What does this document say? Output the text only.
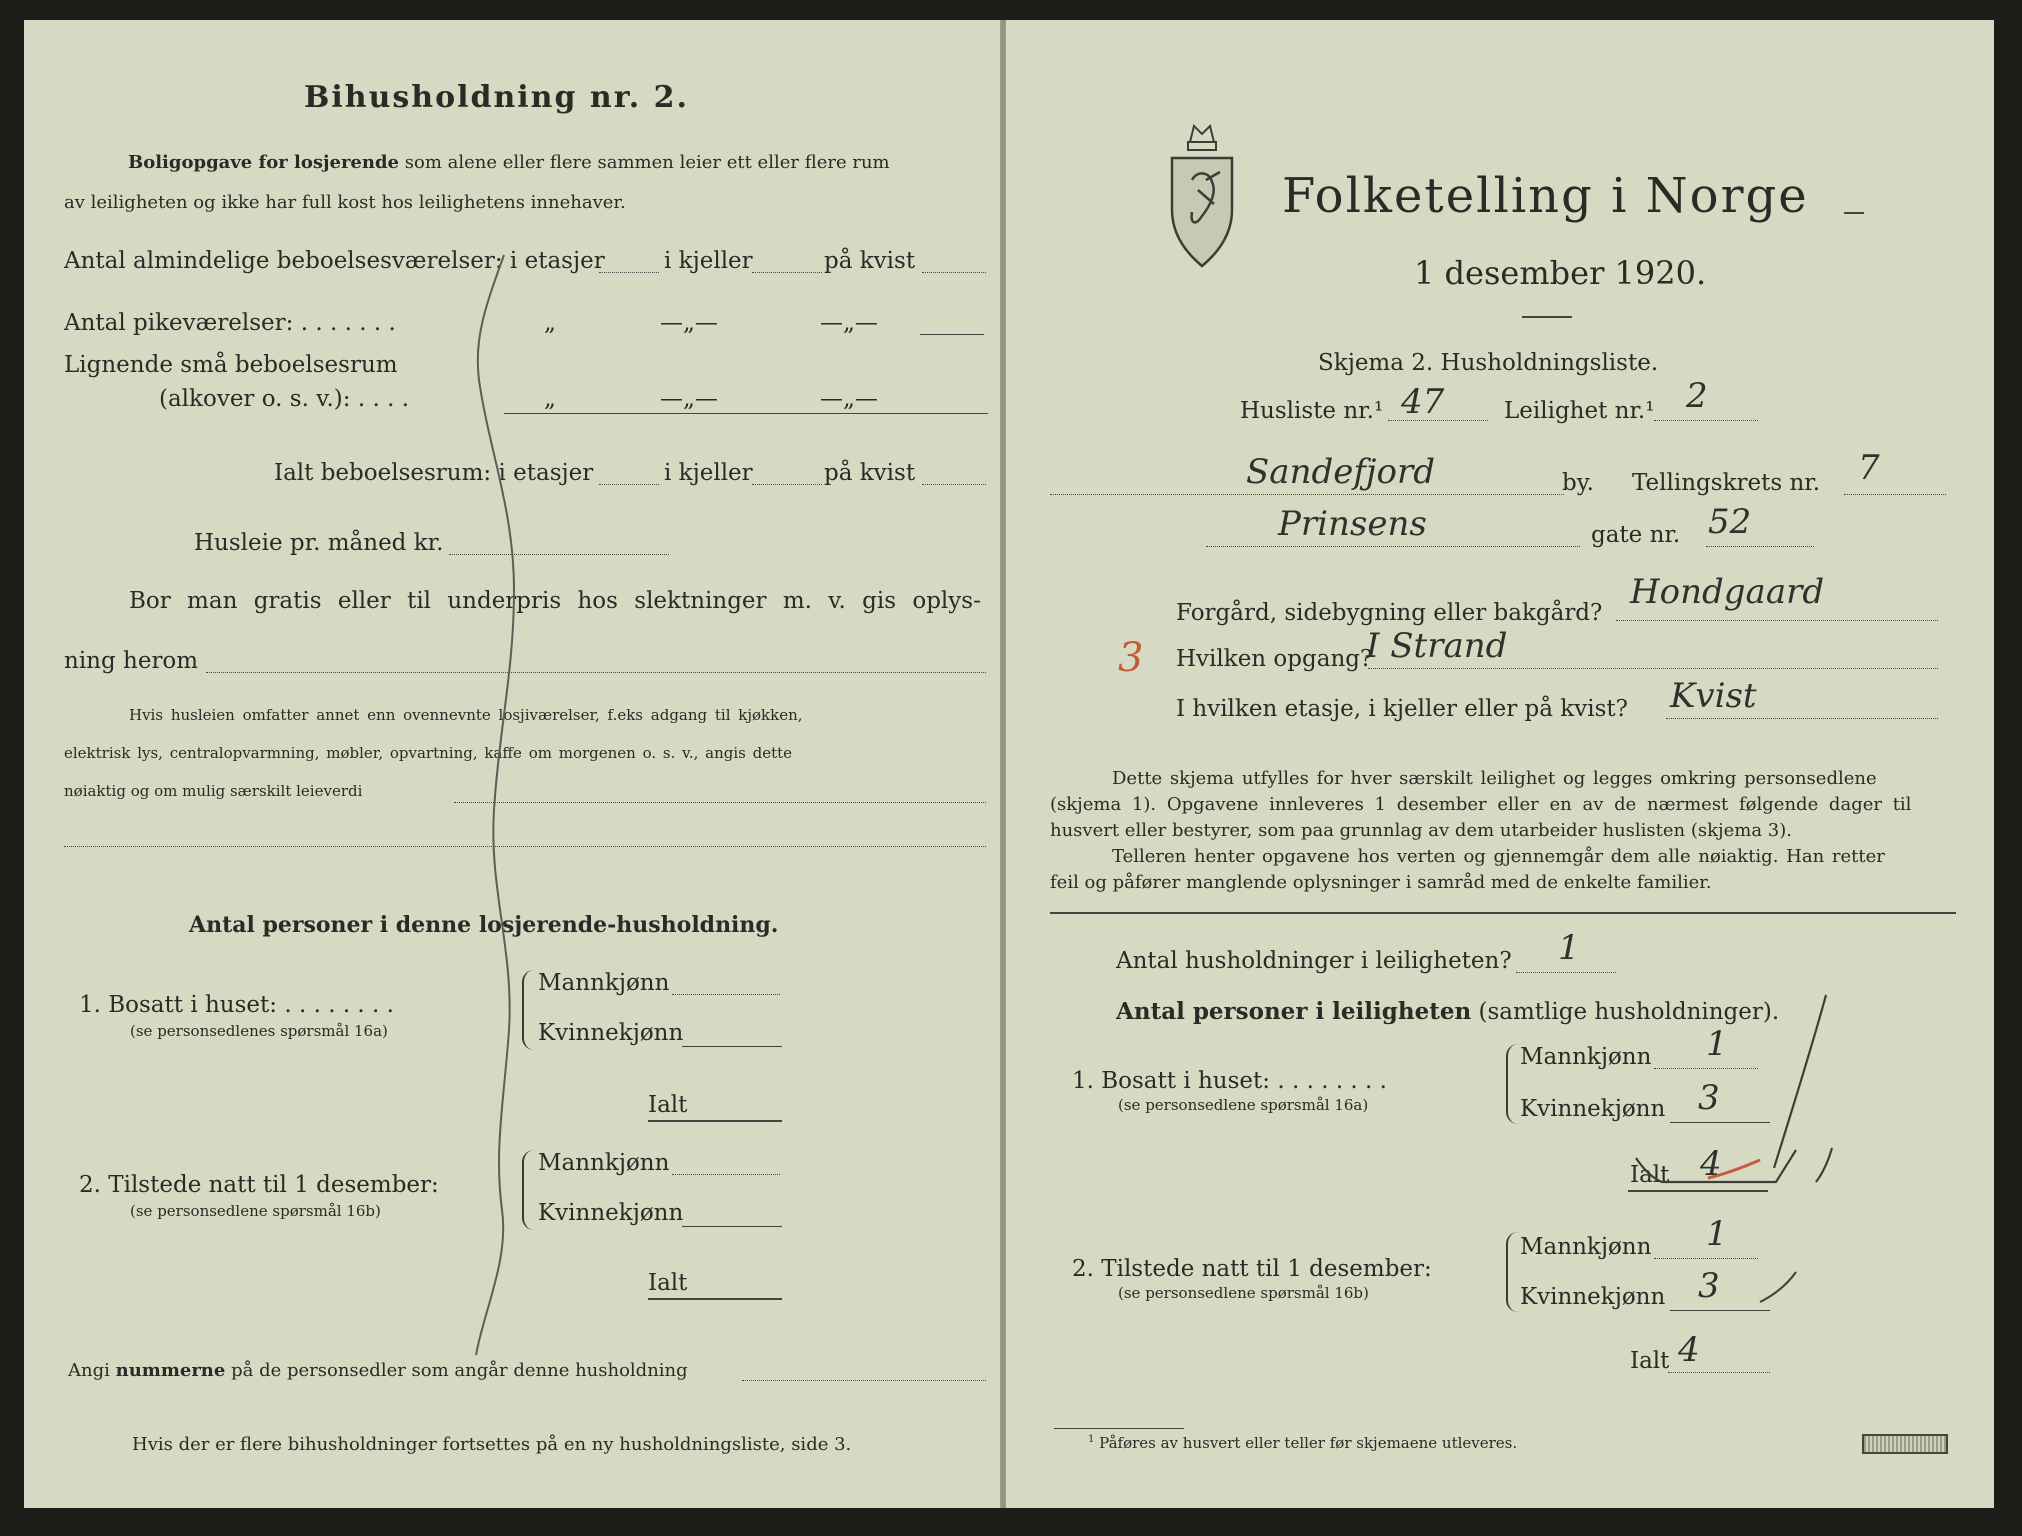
Bihusholdning nr. 2.
Boligopgave for losjerende som alene eller flere sammen leier ett eller flere rum
av leiligheten og ikke har full kost hos leilighetens innehaver.
Antal almindelige beboelsesværelser: i etasjer	i kjeller	på kvist
Antal pikeværelser: . . . . . . .	„	—„—	—„—
Lignende små beboelsesrum
(alkover o. s. v.): . . . .	„	—„—	—„—
Ialt beboelsesrum: i etasjer	i kjeller	på kvist
Husleie pr. måned kr.
Bor man gratis eller til underpris hos slektninger m. v. gis oplys-
ning herom
Hvis husleien omfatter annet enn ovennevnte losjiværelser, f.eks adgang til kjøkken,
elektrisk lys, centralopvarmning, møbler, opvartning, kaffe om morgenen o. s. v., angis dette
nøiaktig og om mulig særskilt leieverdi
Antal personer i denne losjerende-husholdning.
1. Bosatt i huset: . . . . . . . .
(se personsedlenes spørsmål 16a)
Mannkjønn
Kvinnekjønn
Ialt
2. Tilstede natt til 1 desember:
(se personsedlene spørsmål 16b)
Mannkjønn
Kvinnekjønn
Ialt
Angi nummerne på de personsedler som angår denne husholdning
Hvis der er flere bihusholdninger fortsettes på en ny husholdningsliste, side 3.
Folketelling i Norge
1 desember 1920.
Skjema 2. Husholdningsliste.
Husliste nr.¹ 47	Leilighet nr.¹ 2
Sandefjord	by. Tellingskrets nr. 7
Prinsens	gate nr. 52
Forgård, sidebygning eller bakgård?
Hondgaard
3 Hvilken opgang?
I Strand
I hvilken etasje, i kjeller eller på kvist? Kvist
Dette skjema utfylles for hver særskilt leilighet og legges omkring personsedlene
(skjema 1). Opgavene innleveres 1 desember eller en av de nærmest følgende dager til
husvert eller bestyrer, som paa grunnlag av dem utarbeider huslisten (skjema 3).
Telleren henter opgavene hos verten og gjennemgår dem alle nøiaktig. Han retter
feil og påfører manglende oplysninger i samråd med de enkelte familier.
Antal husholdninger i leiligheten? 1
Antal personer i leiligheten (samtlige husholdninger).
1. Bosatt i huset: . . . . . . . .
(se personsedlene spørsmål 16a)
Mannkjønn 1
Kvinnekjønn 3
Ialt 4
2. Tilstede natt til 1 desember:
(se personsedlene spørsmål 16b)
Mannkjønn 1
Kvinnekjønn 3
Ialt 4
$^1$ Påføres av husvert eller teller før skjemaene utleveres.
